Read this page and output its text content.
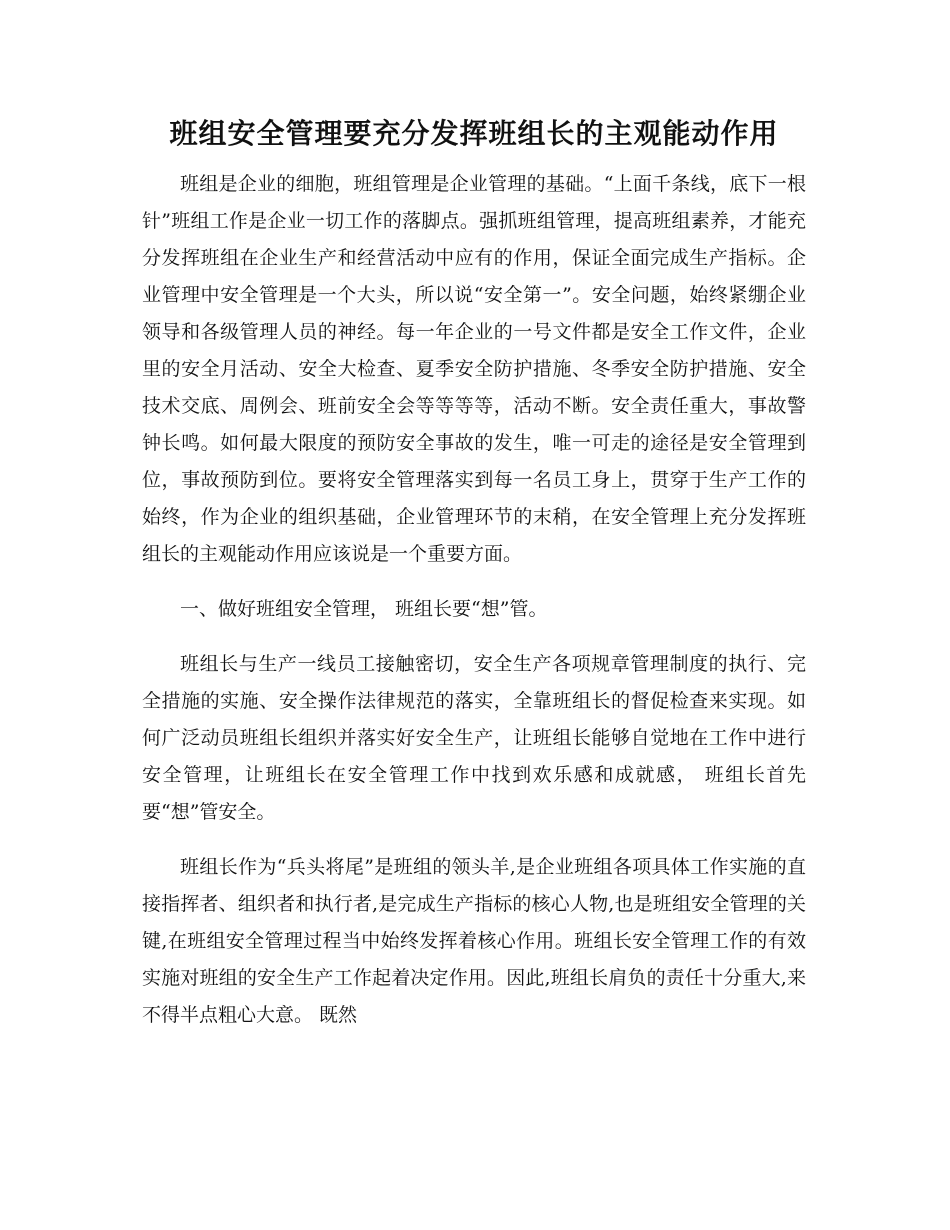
班组安全管理要充分发挥班组长的主观能动作用

班组是企业的细胞，班组管理是企业管理的基础。“上面千条线，底下一根针”班组工作是企业一切工作的落脚点。强抓班组管理，提高班组素养，才能充分发挥班组在企业生产和经营活动中应有的作用，保证全面完成生产指标。企业管理中安全管理是一个大头，所以说“安全第一”。安全问题，始终紧绷企业领导和各级管理人员的神经。每一年企业的一号文件都是安全工作文件，企业里的安全月活动、安全大检查、夏季安全防护措施、冬季安全防护措施、安全技术交底、周例会、班前安全会等等等等，活动不断。安全责任重大，事故警钟长鸣。如何最大限度的预防安全事故的发生，唯一可走的途径是安全管理到位，事故预防到位。要将安全管理落实到每一名员工身上，贯穿于生产工作的始终，作为企业的组织基础，企业管理环节的末稍，在安全管理上充分发挥班组长的主观能动作用应该说是一个重要方面。

一、做好班组安全管理， 班组长要“想”管。

班组长与生产一线员工接触密切，安全生产各项规章管理制度的执行、完全措施的实施、安全操作法律规范的落实，全靠班组长的督促检查来实现。如何广泛动员班组长组织并落实好安全生产，让班组长能够自觉地在工作中进行安全管理，让班组长在安全管理工作中找到欢乐感和成就感， 班组长首先要“想”管安全。

班组长作为“兵头将尾”是班组的领头羊,是企业班组各项具体工作实施的直接指挥者、组织者和执行者,是完成生产指标的核心人物,也是班组安全管理的关键,在班组安全管理过程当中始终发挥着核心作用。班组长安全管理工作的有效实施对班组的安全生产工作起着决定作用。因此,班组长肩负的责任十分重大,来不得半点粗心大意。 既然
